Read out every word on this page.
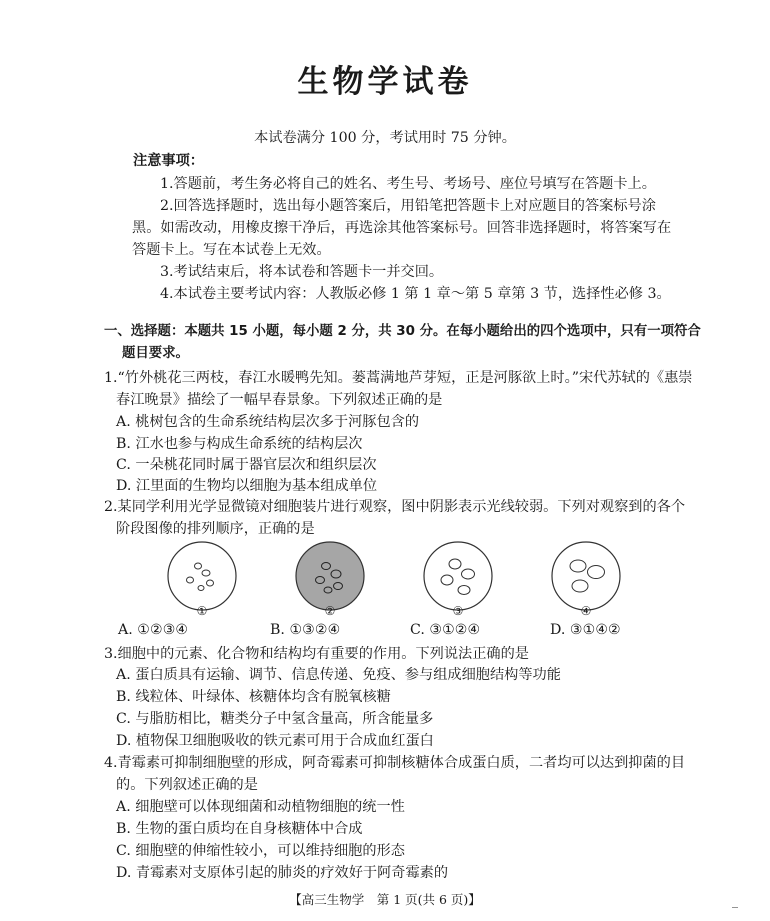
生物学试卷
本试卷满分 100 分，考试用时 75 分钟。
注意事项：
1.答题前，考生务必将自己的姓名、考生号、考场号、座位号填写在答题卡上。
2.回答选择题时，选出每小题答案后，用铅笔把答题卡上对应题目的答案标号涂
黑。如需改动，用橡皮擦干净后，再选涂其他答案标号。回答非选择题时，将答案写在
答题卡上。写在本试卷上无效。
3.考试结束后，将本试卷和答题卡一并交回。
4.本试卷主要考试内容：人教版必修 1 第 1 章～第 5 章第 3 节，选择性必修 3。
一、选择题：本题共 15 小题，每小题 2 分，共 30 分。在每小题给出的四个选项中，只有一项符合
题目要求。
1.“竹外桃花三两枝，春江水暖鸭先知。蒌蒿满地芦芽短，正是河豚欲上时。”宋代苏轼的《惠崇
春江晚景》描绘了一幅早春景象。下列叙述正确的是
A. 桃树包含的生命系统结构层次多于河豚包含的
B. 江水也参与构成生命系统的结构层次
C. 一朵桃花同时属于器官层次和组织层次
D. 江里面的生物均以细胞为基本组成单位
2.某同学利用光学显微镜对细胞装片进行观察，图中阴影表示光线较弱。下列对观察到的各个
阶段图像的排列顺序，正确的是
①	②	③	④
A. ①②③④	B. ①③②④	C. ③①②④	D. ③①④②
3.细胞中的元素、化合物和结构均有重要的作用。下列说法正确的是
A. 蛋白质具有运输、调节、信息传递、免疫、参与组成细胞结构等功能
B. 线粒体、叶绿体、核糖体均含有脱氧核糖
C. 与脂肪相比，糖类分子中氢含量高，所含能量多
D. 植物保卫细胞吸收的铁元素可用于合成血红蛋白
4.青霉素可抑制细胞壁的形成，阿奇霉素可抑制核糖体合成蛋白质，二者均可以达到抑菌的目
的。下列叙述正确的是
A. 细胞壁可以体现细菌和动植物细胞的统一性
B. 生物的蛋白质均在自身核糖体中合成
C. 细胞壁的伸缩性较小，可以维持细胞的形态
D. 青霉素对支原体引起的肺炎的疗效好于阿奇霉素的
【高三生物学　第 1 页(共 6 页)】	_
